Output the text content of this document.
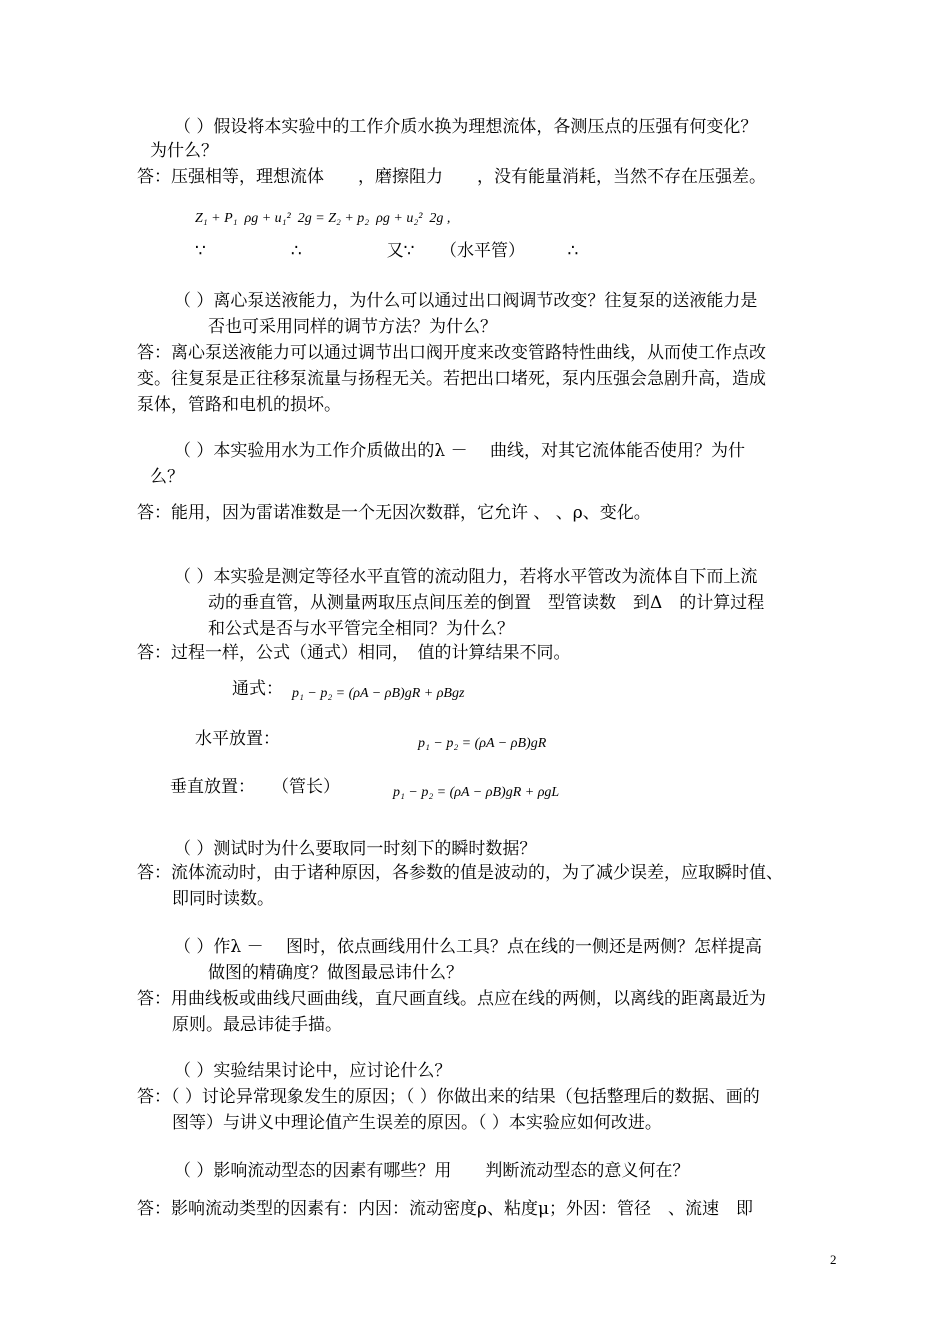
（ ）假设将本实验中的工作介质水换为理想流体，各测压点的压强有何变化？
为什么？
答：压强相等，理想流体　　，磨擦阻力　　，没有能量消耗，当然不存在压强差。
Z₁ + P₁  ρg + u₁²  2g = Z₂ + p₂  ρg + u₂²  2g ,
∵　　　　　∴　　　　　又∵　　（水平管）　　　∴
（ ）离心泵送液能力，为什么可以通过出口阀调节改变？往复泵的送液能力是
否也可采用同样的调节方法？为什么？
答：离心泵送液能力可以通过调节出口阀开度来改变管路特性曲线，从而使工作点改
变。往复泵是正往移泵流量与扬程无关。若把出口堵死，泵内压强会急剧升高，造成
泵体，管路和电机的损坏。
（ ）本实验用水为工作介质做出的λ －　 曲线，对其它流体能否使用？为什
么？
答：能用，因为雷诺准数是一个无因次数群，它允许 、 、ρ、变化。
（ ）本实验是测定等径水平直管的流动阻力，若将水平管改为流体自下而上流
动的垂直管，从测量两取压点间压差的倒置　型管读数　到Δ　的计算过程
和公式是否与水平管完全相同？为什么？
答：过程一样，公式（通式）相同，　值的计算结果不同。
通式： p₁ − p₂ = (ρA − ρB)gR + ρBgz
水平放置：	p₁ − p₂ = (ρA − ρB)gR
垂直放置：　　（管长）	p₁ − p₂ = (ρA − ρB)gR + ρgL
（ ）测试时为什么要取同一时刻下的瞬时数据？
答：流体流动时，由于诸种原因，各参数的值是波动的，为了减少误差，应取瞬时值、
即同时读数。
（ ）作λ －　 图时，依点画线用什么工具？点在线的一侧还是两侧？怎样提高
做图的精确度？做图最忌讳什么？
答：用曲线板或曲线尺画曲线，直尺画直线。点应在线的两侧，以离线的距离最近为
原则。最忌讳徒手描。
（ ）实验结果讨论中，应讨论什么？
答：（ ）讨论异常现象发生的原因；（ ）你做出来的结果（包括整理后的数据、画的
图等）与讲义中理论值产生误差的原因。（ ）本实验应如何改进。
（ ）影响流动型态的因素有哪些？用　　判断流动型态的意义何在？
答：影响流动类型的因素有：内因：流动密度ρ、粘度μ；外因：管径　、流速　即
2
